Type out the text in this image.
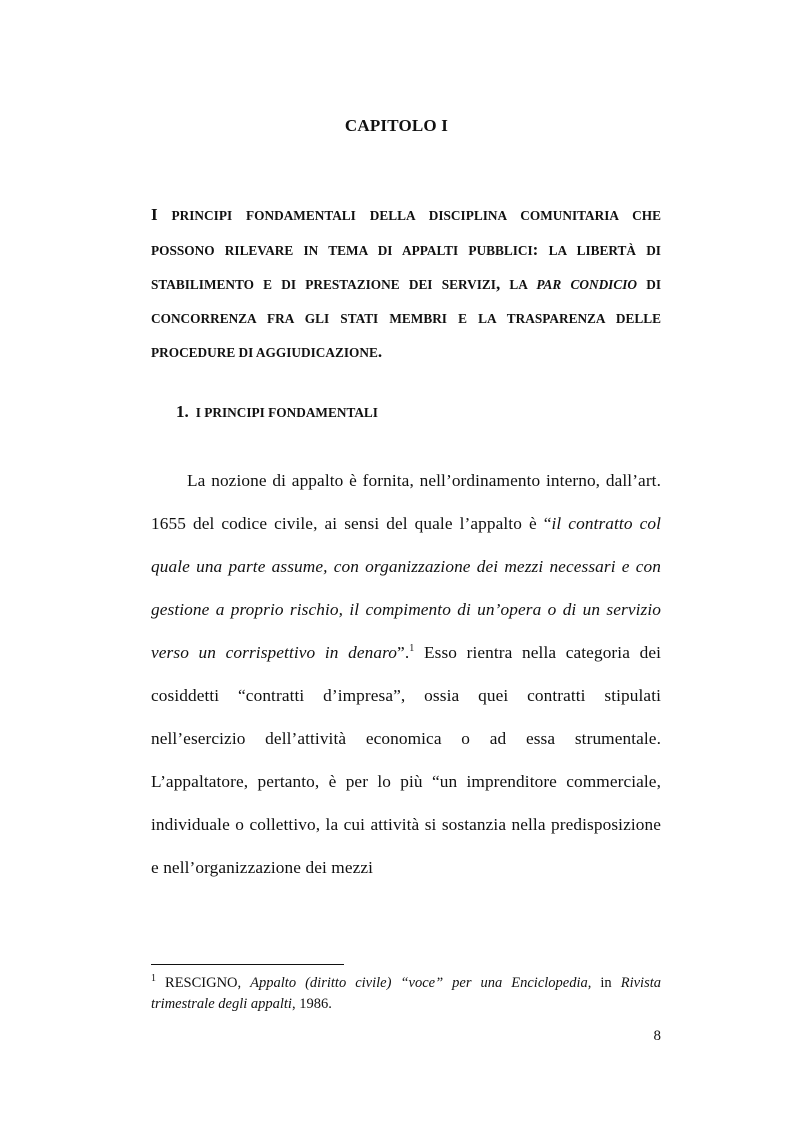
CAPITOLO I

I PRINCIPI FONDAMENTALI DELLA DISCIPLINA COMUNITARIA CHE POSSONO RILEVARE IN TEMA DI APPALTI PUBBLICI: LA LIBERTÀ DI STABILIMENTO E DI PRESTAZIONE DEI SERVIZI, LA PAR CONDICIO DI CONCORRENZA FRA GLI STATI MEMBRI E LA TRASPARENZA DELLE PROCEDURE DI AGGIUDICAZIONE.

1. I PRINCIPI FONDAMENTALI

La nozione di appalto è fornita, nell’ordinamento interno, dall’art. 1655 del codice civile, ai sensi del quale l’appalto è “il contratto col quale una parte assume, con organizzazione dei mezzi necessari e con gestione a proprio rischio, il compimento di un’opera o di un servizio verso un corrispettivo in denaro”.$^1$ Esso rientra nella categoria dei cosiddetti “contratti d’impresa”, ossia quei contratti stipulati nell’esercizio dell’attività economica o ad essa strumentale. L’appaltatore, pertanto, è per lo più “un imprenditore commerciale, individuale o collettivo, la cui attività si sostanzia nella predisposizione e nell’organizzazione dei mezzi

$^1$ RESCIGNO, Appalto (diritto civile) “voce” per una Enciclopedia, in Rivista trimestrale degli appalti, 1986.

8
